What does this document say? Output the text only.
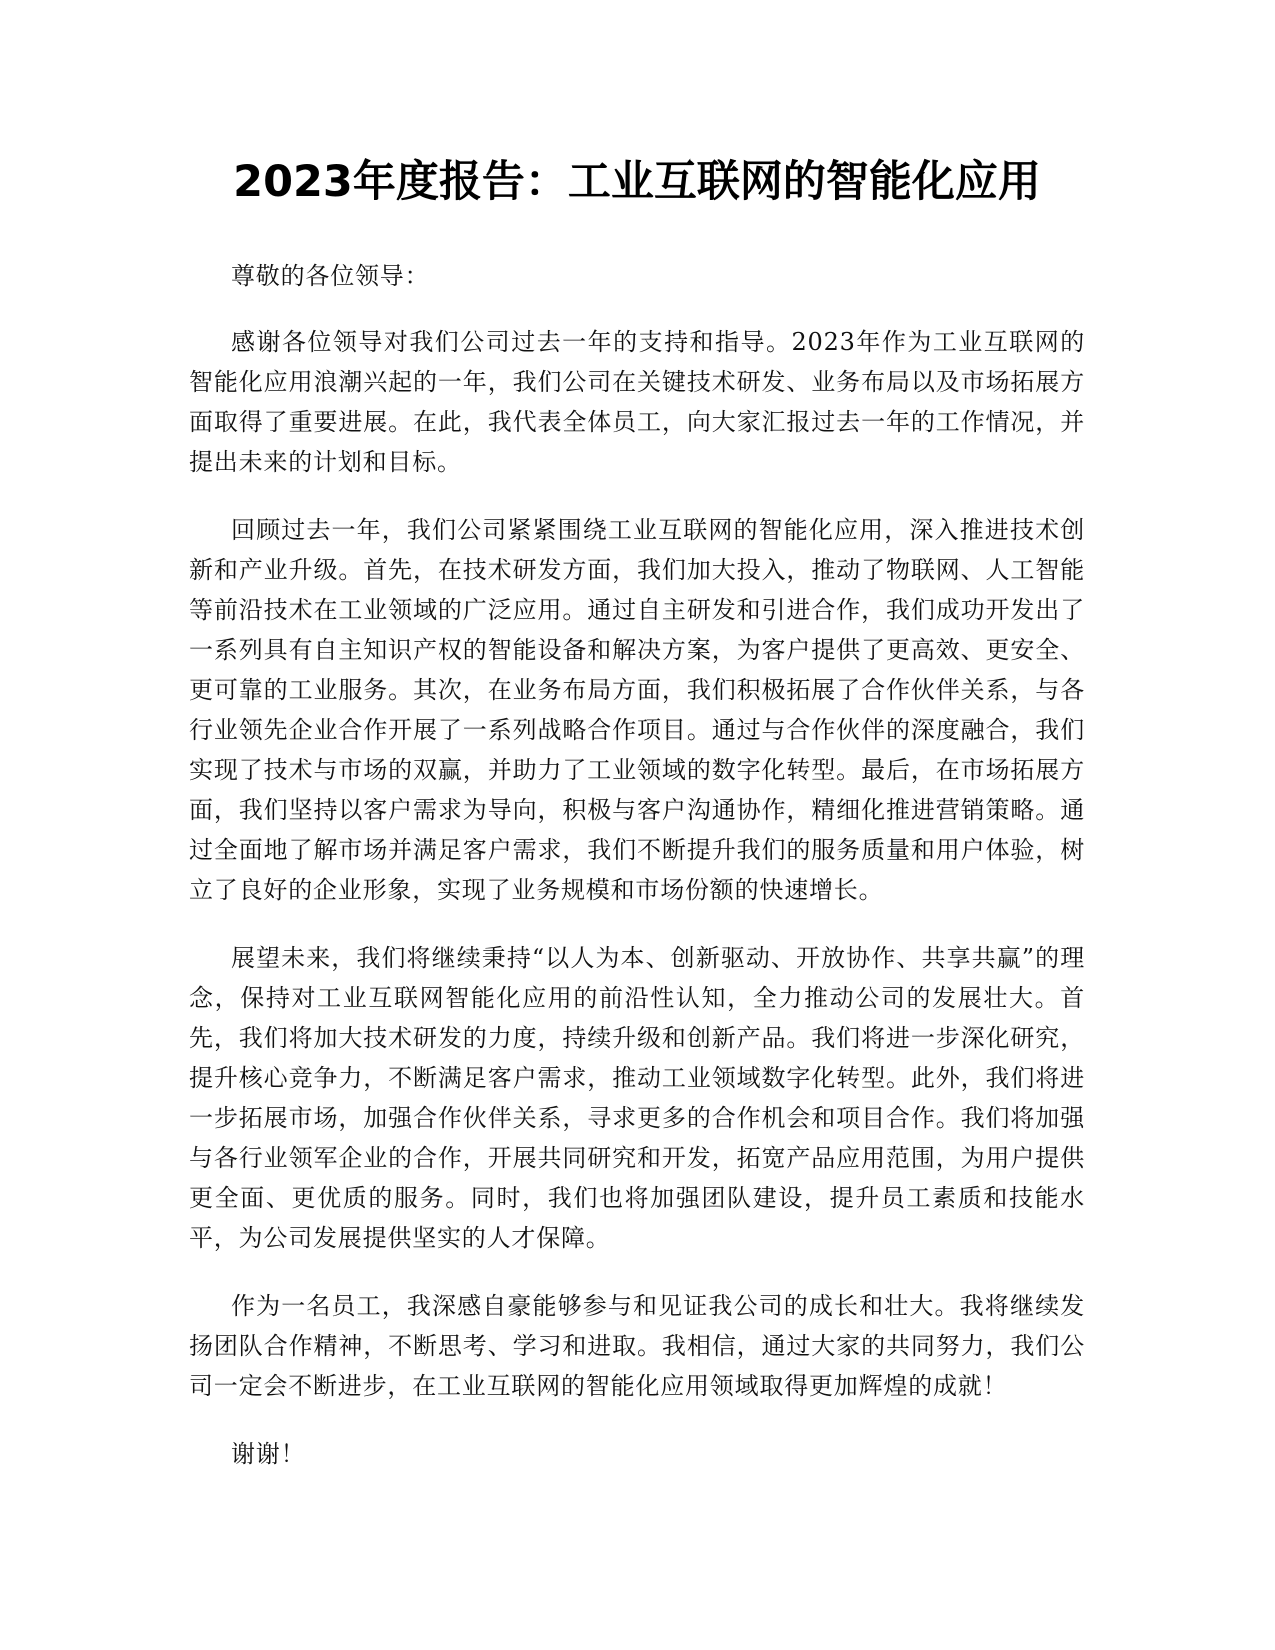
2023年度报告：工业互联网的智能化应用

尊敬的各位领导：

感谢各位领导对我们公司过去一年的支持和指导。2023年作为工业互联网的智能化应用浪潮兴起的一年，我们公司在关键技术研发、业务布局以及市场拓展方面取得了重要进展。在此，我代表全体员工，向大家汇报过去一年的工作情况，并提出未来的计划和目标。

回顾过去一年，我们公司紧紧围绕工业互联网的智能化应用，深入推进技术创新和产业升级。首先，在技术研发方面，我们加大投入，推动了物联网、人工智能等前沿技术在工业领域的广泛应用。通过自主研发和引进合作，我们成功开发出了一系列具有自主知识产权的智能设备和解决方案，为客户提供了更高效、更安全、更可靠的工业服务。其次，在业务布局方面，我们积极拓展了合作伙伴关系，与各行业领先企业合作开展了一系列战略合作项目。通过与合作伙伴的深度融合，我们实现了技术与市场的双赢，并助力了工业领域的数字化转型。最后，在市场拓展方面，我们坚持以客户需求为导向，积极与客户沟通协作，精细化推进营销策略。通过全面地了解市场并满足客户需求，我们不断提升我们的服务质量和用户体验，树立了良好的企业形象，实现了业务规模和市场份额的快速增长。

展望未来，我们将继续秉持“以人为本、创新驱动、开放协作、共享共赢”的理念，保持对工业互联网智能化应用的前沿性认知，全力推动公司的发展壮大。首先，我们将加大技术研发的力度，持续升级和创新产品。我们将进一步深化研究，提升核心竞争力，不断满足客户需求，推动工业领域数字化转型。此外，我们将进一步拓展市场，加强合作伙伴关系，寻求更多的合作机会和项目合作。我们将加强与各行业领军企业的合作，开展共同研究和开发，拓宽产品应用范围，为用户提供更全面、更优质的服务。同时，我们也将加强团队建设，提升员工素质和技能水平，为公司发展提供坚实的人才保障。

作为一名员工，我深感自豪能够参与和见证我公司的成长和壮大。我将继续发扬团队合作精神，不断思考、学习和进取。我相信，通过大家的共同努力，我们公司一定会不断进步，在工业互联网的智能化应用领域取得更加辉煌的成就！

谢谢！
